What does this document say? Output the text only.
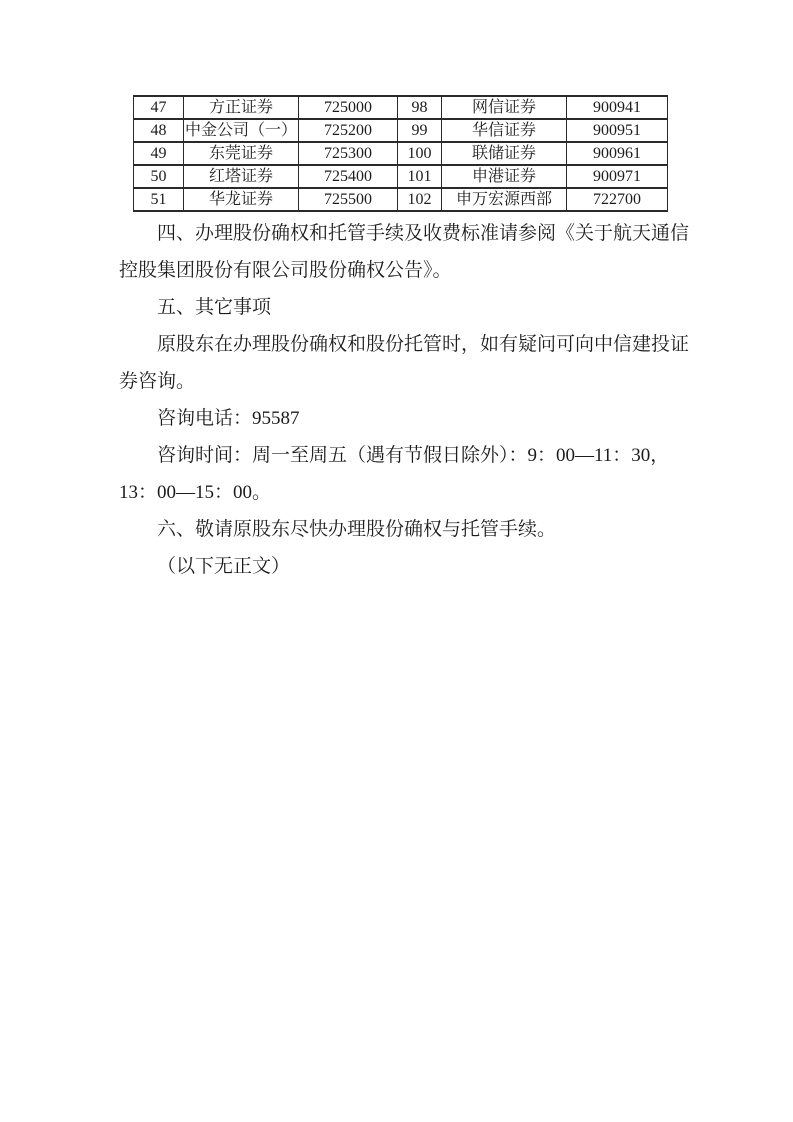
47	方正证券	725000	98	网信证券	900941
48	中金公司（一）	725200	99	华信证券	900951
49	东莞证券	725300	100	联储证券	900961
50	红塔证券	725400	101	申港证券	900971
51	华龙证券	725500	102	申万宏源西部	722700
四、办理股份确权和托管手续及收费标准请参阅《关于航天通信
控股集团股份有限公司股份确权公告》。
五、其它事项
原股东在办理股份确权和股份托管时，如有疑问可向中信建投证
券咨询。
咨询电话：95587
咨询时间：周一至周五（遇有节假日除外）：9：00—11：30，
13：00—15：00。
六、敬请原股东尽快办理股份确权与托管手续。
（以下无正文）
